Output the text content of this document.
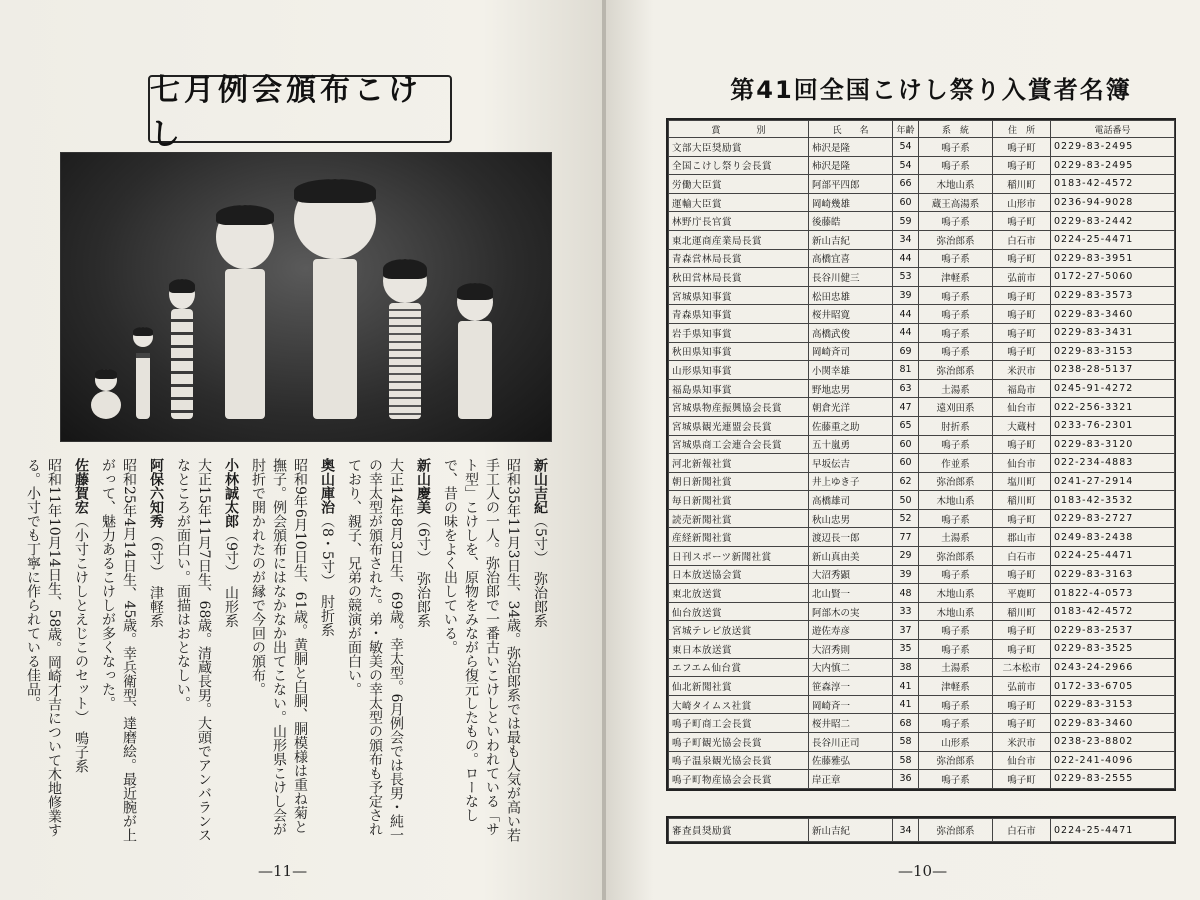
七月例会頒布こけし

新山吉紀（5寸）　弥治郎系

昭和35年11月3日生、34歳。弥治郎系では最も人気が高い若手工人の一人。弥治郎で一番古いこけしといわれている「サト型」こけしを、原物をみながら復元したもの。ローなしで、昔の味をよく出している。

新山慶美（6寸）　弥治郎系

大正14年8月3日生、69歳。幸太型。6月例会では長男・純一の幸太型が頒布された。弟・敏美の幸太型の頒布も予定されており、親子、兄弟の競演が面白い。

奥山庫治（8・5寸）　肘折系

昭和9年6月10日生、61歳。黄胴と白胴、胴模様は重ね菊と撫子。例会頒布にはなかなか出てこない。山形県こけし会が肘折で開かれたのが縁で今回の頒布。

小林誠太郎（9寸）　山形系

大正15年11月7日生、68歳。清蔵長男。大頭でアンバランスなところが面白い。面描はおとなしい。

阿保六知秀（6寸）　津軽系

昭和25年4月14日生、45歳。幸兵衛型、達磨絵。最近腕が上がって、魅力あるこけしが多くなった。

佐藤賀宏（小寸こけしとえじこのセット）　鳴子系

昭和11年10月14日生、58歳。岡崎才吉について木地修業する。小寸でも丁寧に作られている佳品。

—11—
第41回全国こけし祭り入賞者名簿
賞　　　　別	氏　　名	年齢	系　統	住　所	電話番号
文部大臣奨励賞	柿沢是隆	54	鳴子系	鳴子町	0229-83-2495
全国こけし祭り会長賞	柿沢是隆	54	鳴子系	鳴子町	0229-83-2495
労働大臣賞	阿部平四郎	66	木地山系	稲川町	0183-42-4572
運輸大臣賞	岡崎幾雄	60	蔵王高湯系	山形市	0236-94-9028
林野庁長官賞	後藤皓	59	鳴子系	鳴子町	0229-83-2442
東北運商産業局長賞	新山吉紀	34	弥治郎系	白石市	0224-25-4471
青森営林局長賞	高橋宜喜	44	鳴子系	鳴子町	0229-83-3951
秋田営林局長賞	長谷川健三	53	津軽系	弘前市	0172-27-5060
宮城県知事賞	松田忠雄	39	鳴子系	鳴子町	0229-83-3573
青森県知事賞	桜井昭寛	44	鳴子系	鳴子町	0229-83-3460
岩手県知事賞	高橋武俊	44	鳴子系	鳴子町	0229-83-3431
秋田県知事賞	岡崎斉司	69	鳴子系	鳴子町	0229-83-3153
山形県知事賞	小関幸雄	81	弥治郎系	米沢市	0238-28-5137
福島県知事賞	野地忠男	63	土湯系	福島市	0245-91-4272
宮城県物産振興協会長賞	朝倉光洋	47	遠刈田系	仙台市	022-256-3321
宮城県観光連盟会長賞	佐藤重之助	65	肘折系	大蔵村	0233-76-2301
宮城県商工会連合会長賞	五十嵐勇	60	鳴子系	鳴子町	0229-83-3120
河北新報社賞	早坂伝吉	60	作並系	仙台市	022-234-4883
朝日新聞社賞	井上ゆき子	62	弥治郎系	塩川町	0241-27-2914
毎日新聞社賞	高橋雄司	50	木地山系	稲川町	0183-42-3532
読売新聞社賞	秋山忠男	52	鳴子系	鳴子町	0229-83-2727
産経新聞社賞	渡辺長一郎	77	土湯系	郡山市	0249-83-2438
日刊スポーツ新聞社賞	新山真由美	29	弥治郎系	白石市	0224-25-4471
日本放送協会賞	大沼秀顕	39	鳴子系	鳴子町	0229-83-3163
東北放送賞	北山賢一	48	木地山系	平鹿町	01822-4-0573
仙台放送賞	阿部木の実	33	木地山系	稲川町	0183-42-4572
宮城テレビ放送賞	遊佐寿彦	37	鳴子系	鳴子町	0229-83-2537
東日本放送賞	大沼秀則	35	鳴子系	鳴子町	0229-83-3525
エフエム仙台賞	大内慎二	38	土湯系	二本松市	0243-24-2966
仙北新聞社賞	笹森淳一	41	津軽系	弘前市	0172-33-6705
大崎タイムス社賞	岡崎斉一	41	鳴子系	鳴子町	0229-83-3153
鳴子町商工会長賞	桜井昭二	68	鳴子系	鳴子町	0229-83-3460
鳴子町観光協会長賞	長谷川正司	58	山形系	米沢市	0238-23-8802
鳴子温泉観光協会長賞	佐藤雅弘	58	弥治郎系	仙台市	022-241-4096
鳴子町物産協会会長賞	岸正章	36	鳴子系	鳴子町	0229-83-2555
審査員奨励賞	新山吉紀	34	弥治郎系	白石市	0224-25-4471
—10—
